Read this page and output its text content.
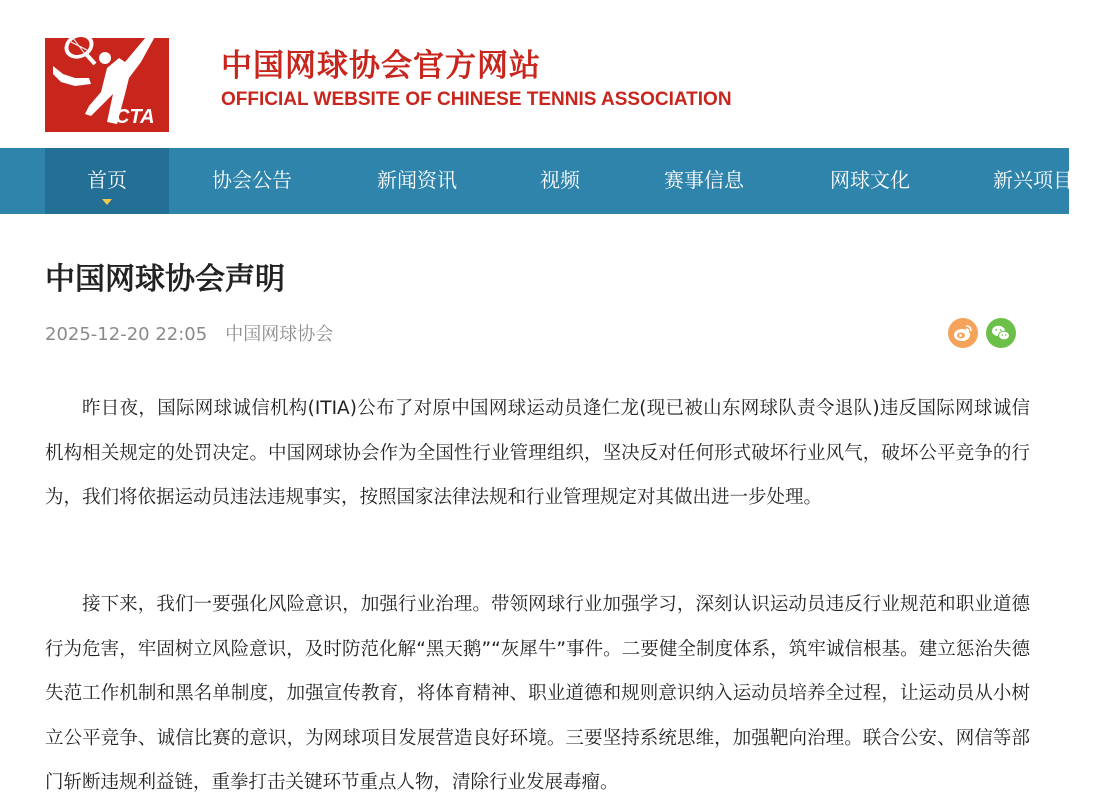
CTA
中国网球协会官方网站
OFFICIAL WEBSITE OF CHINESE TENNIS ASSOCIATION
首页	协会公告	新闻资讯	视频	赛事信息	网球文化	新兴项目
中国网球协会声明
2025-12-20 22:05 中国网球协会

昨日夜，国际网球诚信机构(ITIA)公布了对原中国网球运动员逄仁龙(现已被山东网球队责令退队)违反国际网球诚信机构相关规定的处罚决定。中国网球协会作为全国性行业管理组织，坚决反对任何形式破坏行业风气，破坏公平竞争的行为，我们将依据运动员违法违规事实，按照国家法律法规和行业管理规定对其做出进一步处理。

接下来，我们一要强化风险意识，加强行业治理。带领网球行业加强学习，深刻认识运动员违反行业规范和职业道德行为危害，牢固树立风险意识，及时防范化解“黑天鹅”“灰犀牛”事件。二要健全制度体系，筑牢诚信根基。建立惩治失德失范工作机制和黑名单制度，加强宣传教育，将体育精神、职业道德和规则意识纳入运动员培养全过程，让运动员从小树立公平竞争、诚信比赛的意识，为网球项目发展营造良好环境。三要坚持系统思维，加强靶向治理。联合公安、网信等部门斩断违规利益链，重拳打击关键环节重点人物，清除行业发展毒瘤。
